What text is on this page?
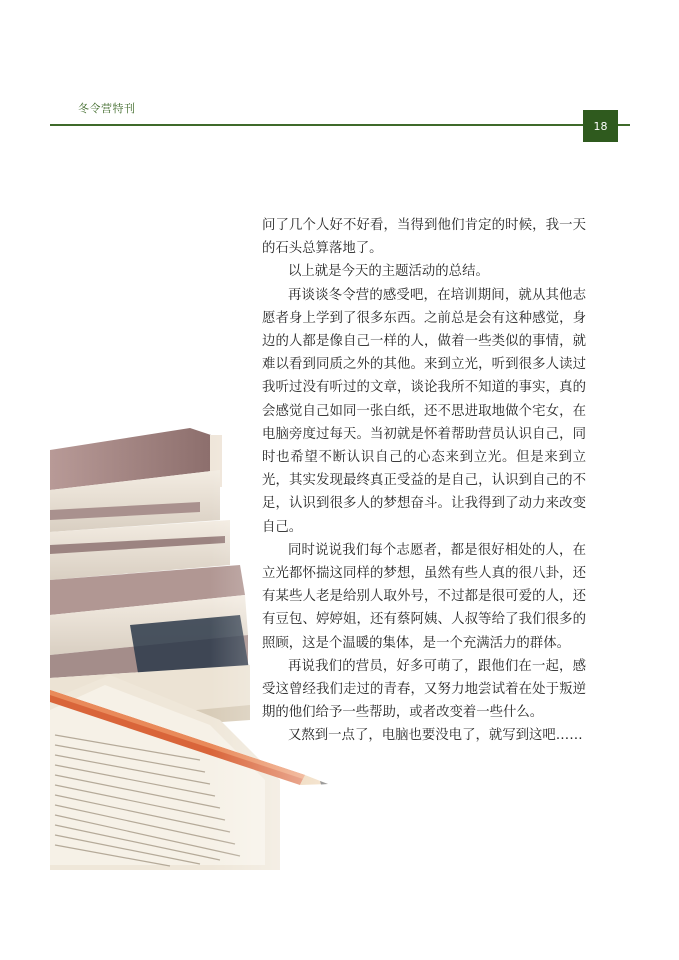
冬令营特刊
18

问了几个人好不好看，当得到他们肯定的时候，我一天的石头总算落地了。

以上就是今天的主题活动的总结。

再谈谈冬令营的感受吧，在培训期间，就从其他志愿者身上学到了很多东西。之前总是会有这种感觉，身边的人都是像自己一样的人，做着一些类似的事情，就难以看到同质之外的其他。来到立光，听到很多人读过我听过没有听过的文章，谈论我所不知道的事实，真的会感觉自己如同一张白纸，还不思进取地做个宅女，在电脑旁度过每天。当初就是怀着帮助营员认识自己，同时也希望不断认识自己的心态来到立光。但是来到立光，其实发现最终真正受益的是自己，认识到自己的不足，认识到很多人的梦想奋斗。让我得到了动力来改变自己。

同时说说我们每个志愿者，都是很好相处的人，在立光都怀揣这同样的梦想，虽然有些人真的很八卦，还有某些人老是给别人取外号，不过都是很可爱的人，还有豆包、婷婷姐，还有蔡阿姨、人叔等给了我们很多的照顾，这是个温暖的集体，是一个充满活力的群体。

再说我们的营员，好多可萌了，跟他们在一起，感受这曾经我们走过的青春，又努力地尝试着在处于叛逆期的他们给予一些帮助，或者改变着一些什么。

又熬到一点了，电脑也要没电了，就写到这吧……
